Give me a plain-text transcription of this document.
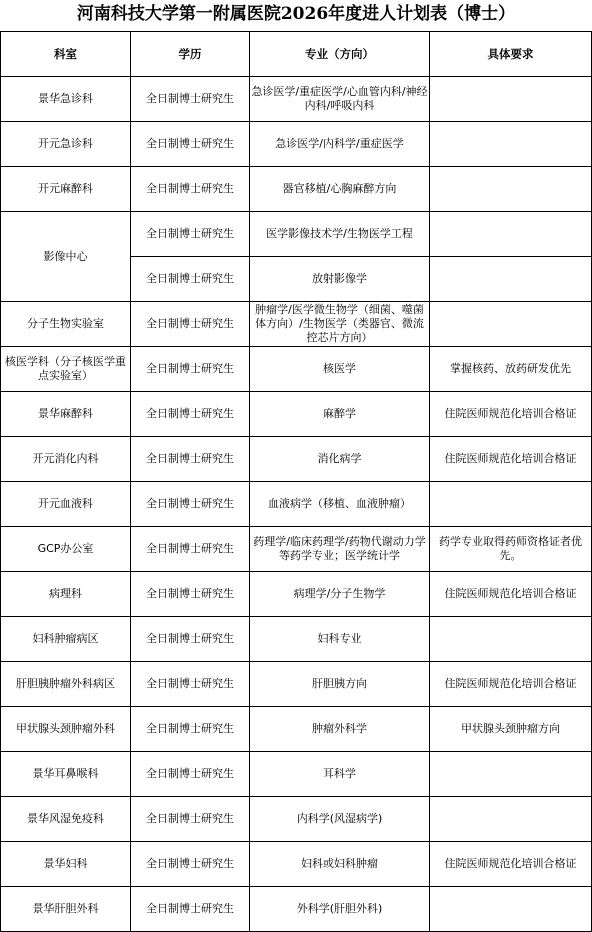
河南科技大学第一附属医院2026年度进人计划表（博士）
科室	学历	专业（方向）	具体要求
景华急诊科	全日制博士研究生	急诊医学/重症医学/心血管内科/神经内科/呼吸内科	

开元急诊科	全日制博士研究生	急诊医学/内科学/重症医学	
开元麻醉科	全日制博士研究生	器官移植/心胸麻醉方向	
影像中心	全日制博士研究生	医学影像技术学/生物医学工程	
	全日制博士研究生	放射影像学	
分子生物实验室	全日制博士研究生	肿瘤学/医学微生物学（细菌、噬菌体方向）/生物医学（类器官、微流控芯片方向）	

核医学科（分子核医学重点实验室）	全日制博士研究生	核医学	掌握核药、放药研发优先
景华麻醉科	全日制博士研究生	麻醉学	住院医师规范化培训合格证
开元消化内科	全日制博士研究生	消化病学	住院医师规范化培训合格证
开元血液科	全日制博士研究生	血液病学（移植、血液肿瘤）	
GCP办公室	全日制博士研究生	药理学/临床药理学/药物代谢动力学等药学专业；医学统计学	药学专业取得药师资格证者优先。
病理科	全日制博士研究生	病理学/分子生物学	住院医师规范化培训合格证
妇科肿瘤病区	全日制博士研究生	妇科专业	
肝胆胰肿瘤外科病区	全日制博士研究生	肝胆胰方向	住院医师规范化培训合格证
甲状腺头颈肿瘤外科	全日制博士研究生	肿瘤外科学	甲状腺头颈肿瘤方向
景华耳鼻喉科	全日制博士研究生	耳科学	
景华风湿免疫科	全日制博士研究生	内科学(风湿病学)	
景华妇科	全日制博士研究生	妇科或妇科肿瘤	住院医师规范化培训合格证
景华肝胆外科	全日制博士研究生	外科学(肝胆外科)	
